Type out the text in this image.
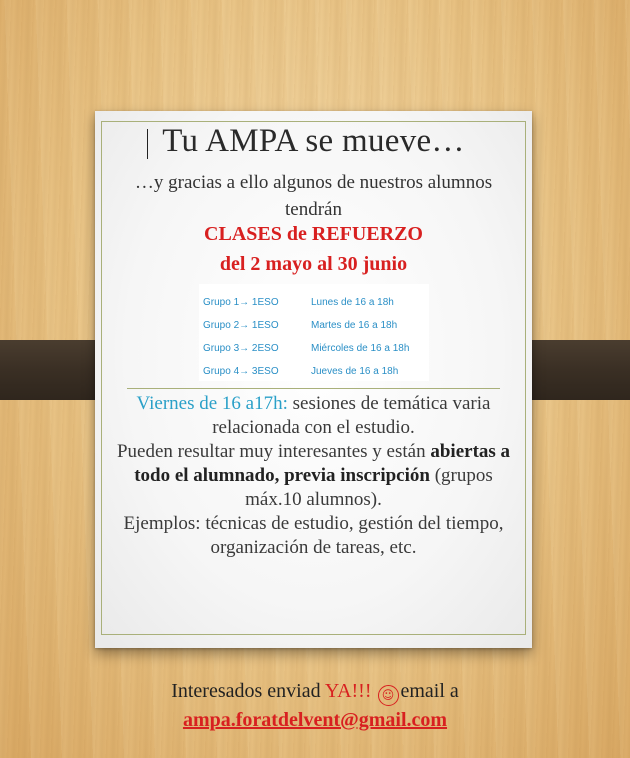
Tu AMPA se mueve…
…y gracias a ello algunos de nuestros alumnos tendrán
CLASES de REFUERZO
del 2 mayo al 30 junio
Grupo 1→ 1ESO	Lunes de 16 a 18h
Grupo 2→ 1ESO	Martes de 16 a 18h
Grupo 3→ 2ESO	Miércoles de 16 a 18h
Grupo 4→ 3ESO	Jueves de 16 a 18h
Viernes de 16 a17h: sesiones de temática varia relacionada con el estudio.
Pueden resultar muy interesantes y están abiertas a todo el alumnado, previa inscripción (grupos máx.10 alumnos).
Ejemplos: técnicas de estudio, gestión del tiempo, organización de tareas, etc.
Interesados enviad YA!!! ☺ email a
ampa.foratdelvent@gmail.com
